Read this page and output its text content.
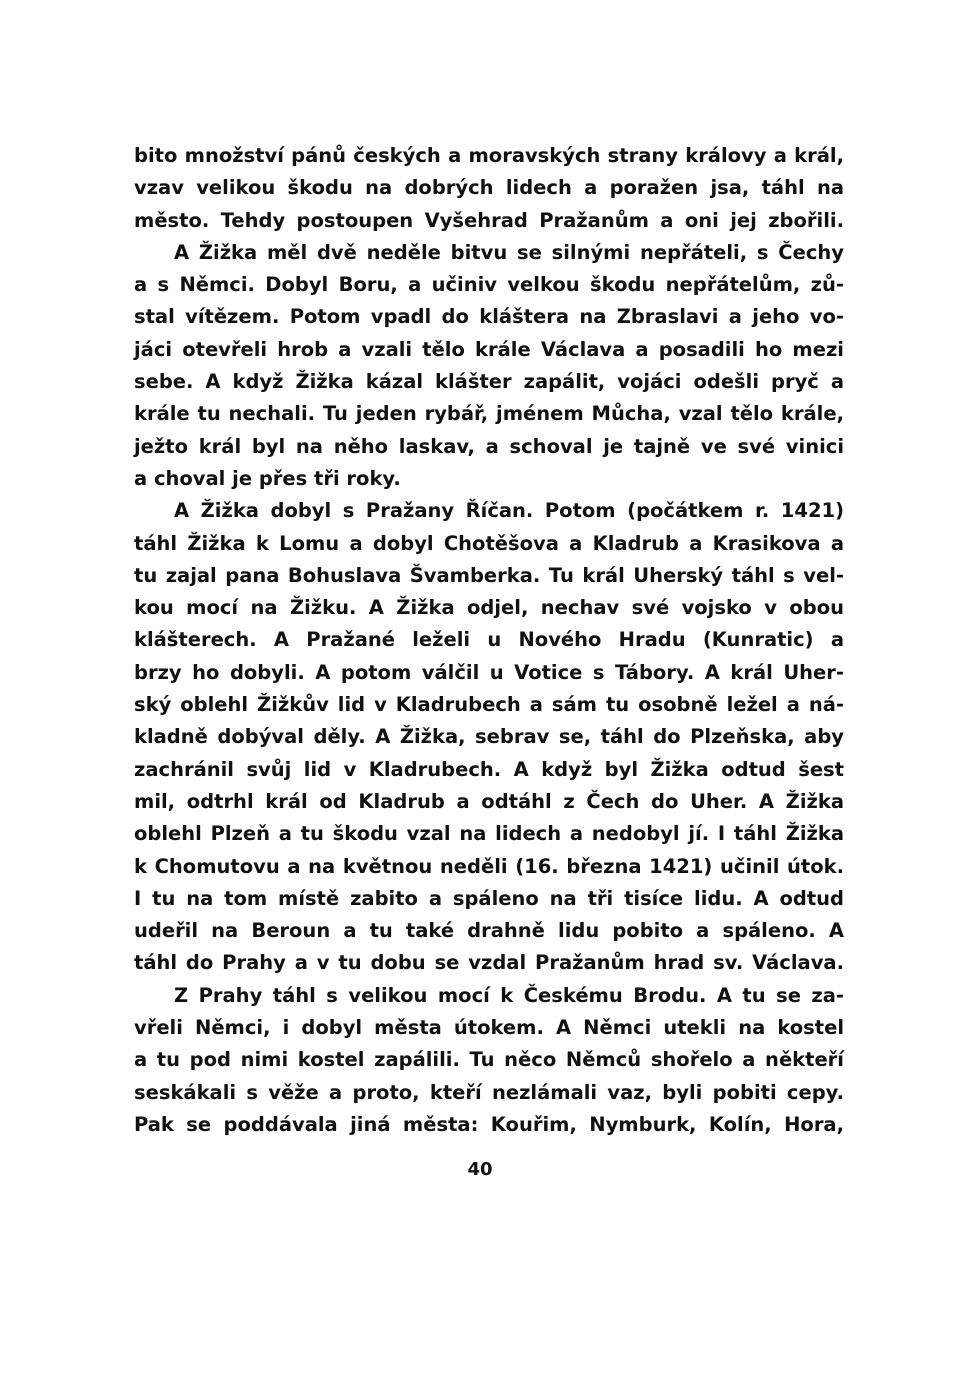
bito množství pánů českých a moravských strany královy a král,
vzav velikou škodu na dobrých lidech a poražen jsa, táhl na
město. Tehdy postoupen Vyšehrad Pražanům a oni jej zbořili.
A Žižka měl dvě neděle bitvu se silnými nepřáteli, s Čechy
a s Němci. Dobyl Boru, a učiniv velkou škodu nepřátelům, zů-
stal vítězem. Potom vpadl do kláštera na Zbraslavi a jeho vo-
jáci otevřeli hrob a vzali tělo krále Václava a posadili ho mezi
sebe. A když Žižka kázal klášter zapálit, vojáci odešli pryč a
krále tu nechali. Tu jeden rybář, jménem Můcha, vzal tělo krále,
ježto král byl na něho laskav, a schoval je tajně ve své vinici
a choval je přes tři roky.
A Žižka dobyl s Pražany Říčan. Potom (počátkem r. 1421)
táhl Žižka k Lomu a dobyl Chotěšova a Kladrub a Krasikova a
tu zajal pana Bohuslava Švamberka. Tu král Uherský táhl s vel-
kou mocí na Žižku. A Žižka odjel, nechav své vojsko v obou
klášterech. A Pražané leželi u Nového Hradu (Kunratic) a
brzy ho dobyli. A potom válčil u Votice s Tábory. A král Uher-
ský oblehl Žižkův lid v Kladrubech a sám tu osobně ležel a ná-
kladně dobýval děly. A Žižka, sebrav se, táhl do Plzeňska, aby
zachránil svůj lid v Kladrubech. A když byl Žižka odtud šest
mil, odtrhl král od Kladrub a odtáhl z Čech do Uher. A Žižka
oblehl Plzeň a tu škodu vzal na lidech a nedobyl jí. I táhl Žižka
k Chomutovu a na květnou neděli (16. března 1421) učinil útok.
I tu na tom místě zabito a spáleno na tři tisíce lidu. A odtud
udeřil na Beroun a tu také drahně lidu pobito a spáleno. A
táhl do Prahy a v tu dobu se vzdal Pražanům hrad sv. Václava.
Z Prahy táhl s velikou mocí k Českému Brodu. A tu se za-
vřeli Němci, i dobyl města útokem. A Němci utekli na kostel
a tu pod nimi kostel zapálili. Tu něco Němců shořelo a někteří
seskákali s věže a proto, kteří nezlámali vaz, byli pobiti cepy.
Pak se poddávala jiná města: Kouřim, Nymburk, Kolín, Hora,
40
